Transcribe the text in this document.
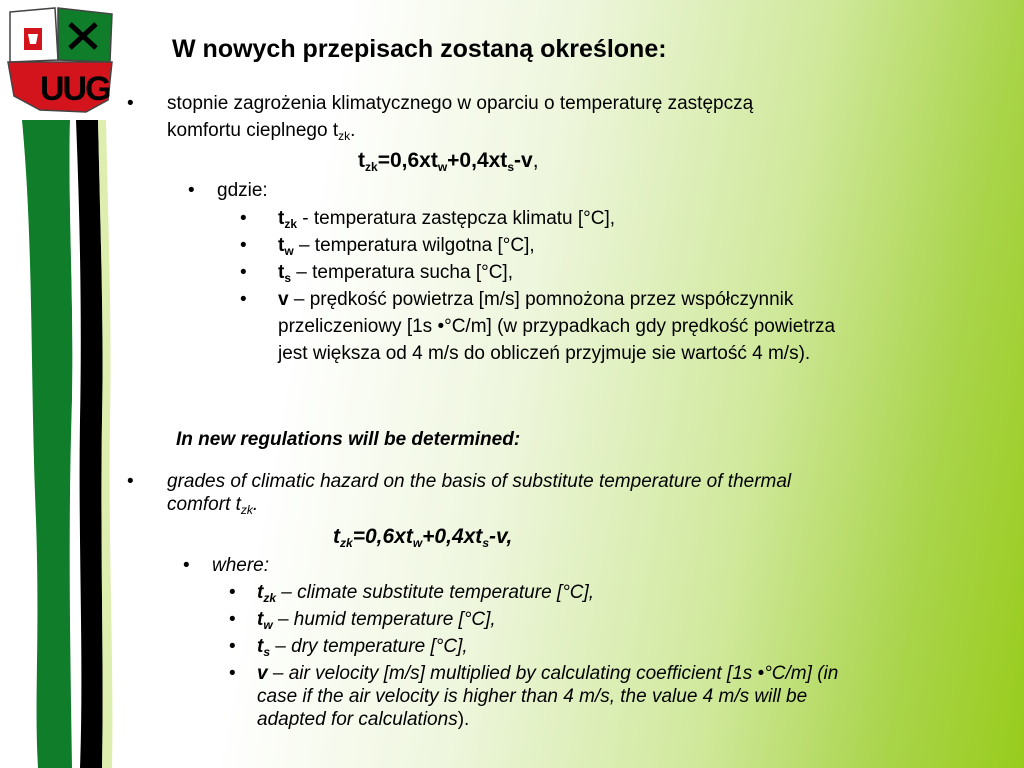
UUG
W nowych przepisach zostaną określone:
• stopnie zagrożenia klimatycznego w oparciu o temperaturę zastępczą
komfortu cieplnego $t_{zk}$.
$t_{zk}=0,6xt_w+0,4xt_s-v$,
• gdzie:
• $t_{zk}$ - temperatura zastępcza klimatu [°C],
• $t_w$ – temperatura wilgotna [°C],
• $t_s$ – temperatura sucha [°C],
• v – prędkość powietrza [m/s] pomnożona przez współczynnik
przeliczeniowy [1s •°C/m] (w przypadkach gdy prędkość powietrza
jest większa od 4 m/s do obliczeń przyjmuje sie wartość 4 m/s).
In new regulations will be determined:
• grades of climatic hazard on the basis of substitute temperature of thermal
comfort $t_{zk}$.
$t_{zk}=0,6xt_w+0,4xt_s-v$,
• where:
• $t_{zk}$ – climate substitute temperature [°C],
• $t_w$ – humid temperature [°C],
• $t_s$ – dry temperature [°C],
• v – air velocity [m/s] multiplied by calculating coefficient [1s •°C/m] (in
case if the air velocity is higher than 4 m/s, the value 4 m/s will be
adapted for calculations).
